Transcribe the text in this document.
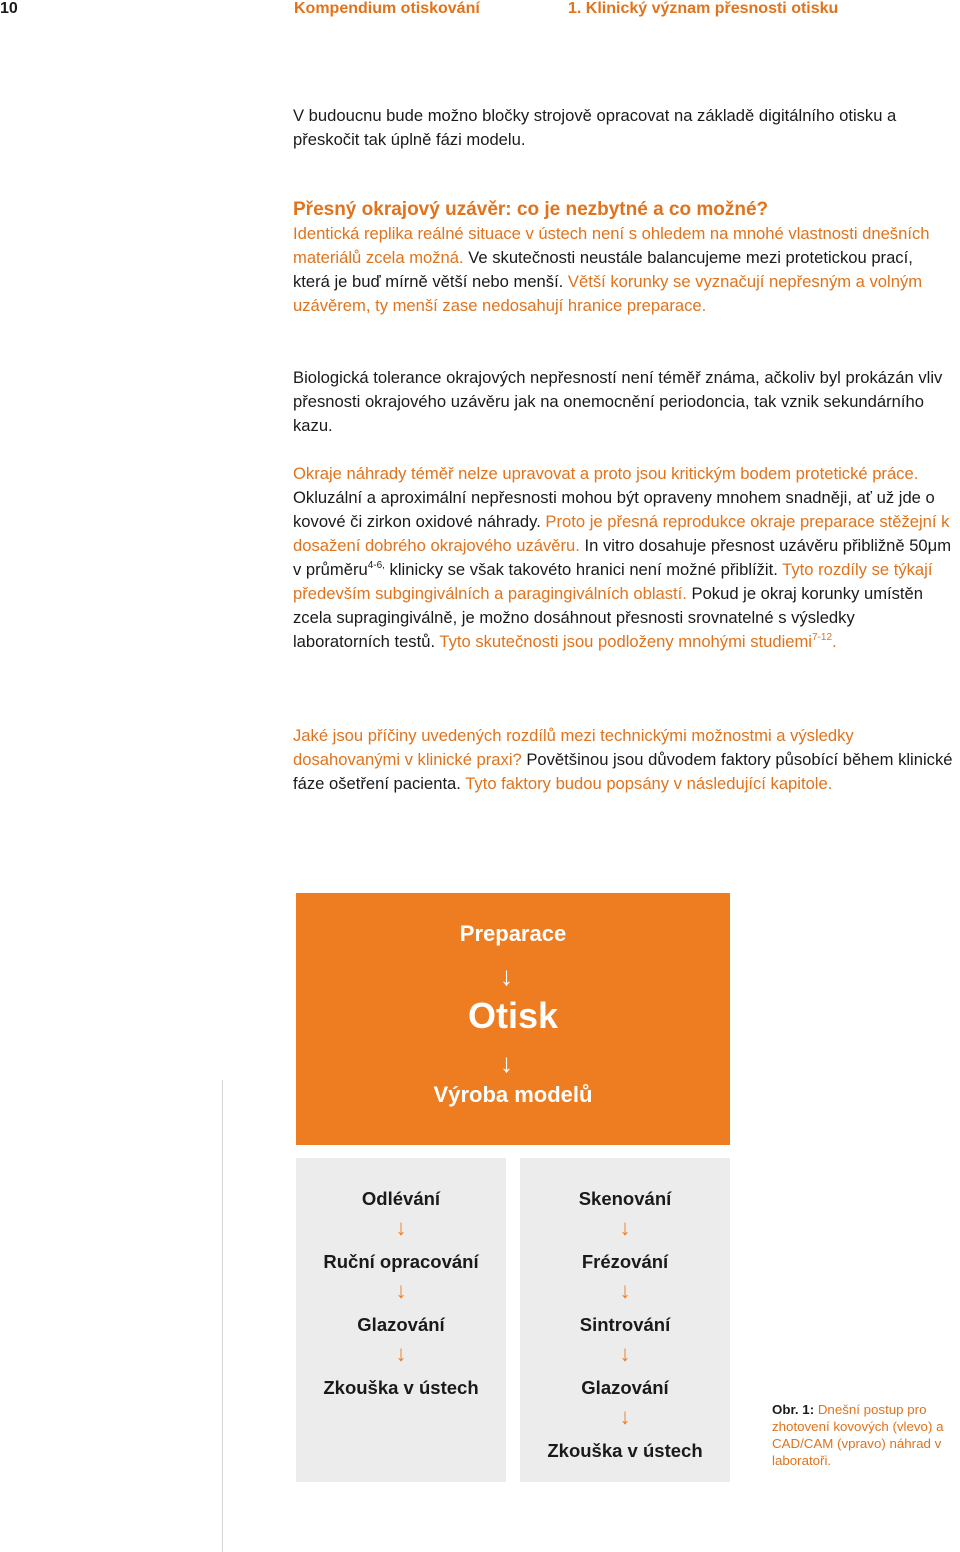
10	Kompendium otiskování	1. Klinický význam přesnosti otisku

V budoucnu bude možno bločky strojově opracovat na základě digitálního otisku a přeskočit tak úplně fázi modelu.

Přesný okrajový uzávěr: co je nezbytné a co možné?

Identická replika reálné situace v ústech není s ohledem na mnohé vlastnosti dnešních materiálů zcela možná. Ve skutečnosti neustále balancujeme mezi protetickou prací, která je buď mírně větší nebo menší. Větší korunky se vyznačují nepřesným a volným uzávěrem, ty menší zase nedosahují hranice preparace.

Biologická tolerance okrajových nepřesností není téměř známa, ačkoliv byl prokázán vliv přesnosti okrajového uzávěru jak na onemocnění periodoncia, tak vznik sekundárního kazu.

Okraje náhrady téměř nelze upravovat a proto jsou kritickým bodem protetické práce. Okluzální a aproximální nepřesnosti mohou být opraveny mnohem snadněji, ať už jde o kovové či zirkon oxidové náhrady. Proto je přesná reprodukce okraje preparace stěžejní k dosažení dobrého okrajového uzávěru. In vitro dosahuje přesnost uzávěru přibližně 50μm v průměru$^{4-6,}$ klinicky se však takovéto hranici není možné přiblížit. Tyto rozdíly se týkají především subgingiválních a paragingiválních oblastí. Pokud je okraj korunky umístěn zcela supragingiválně, je možno dosáhnout přesnosti srovnatelné s výsledky laboratorních testů. Tyto skutečnosti jsou podloženy mnohými studiemi$^{7-12}$.

Jaké jsou příčiny uvedených rozdílů mezi technickými možnostmi a výsledky dosahovanými v klinické praxi? Povětšinou jsou důvodem faktory působící během klinické fáze ošetření pacienta. Tyto faktory budou popsány v následující kapitole.

Preparace
↓
Otisk
↓
Výroba modelů
↓	↓
Odlévání
↓
Ruční opracování
↓
Glazování
↓
Zkouška v ústech
Skenování
↓
Frézování
↓
Sintrování
↓
Glazování
↓
Zkouška v ústech
Obr. 1: Dnešní postup pro zhotovení kovových (vlevo) a CAD/CAM (vpravo) náhrad v laboratoři.
